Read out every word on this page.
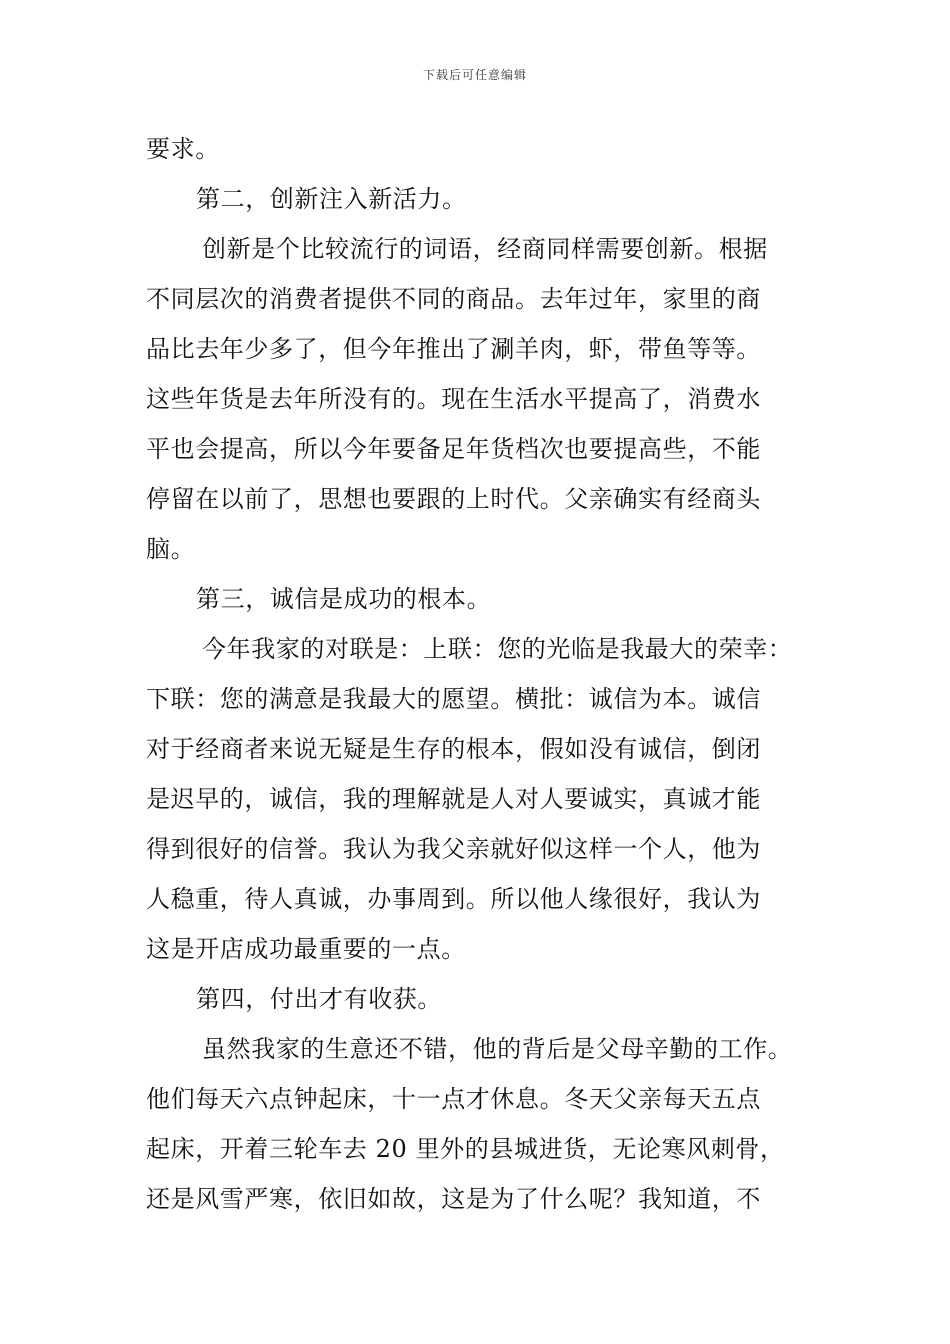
下载后可任意编辑
要求。
第二，创新注入新活力。
创新是个比较流行的词语，经商同样需要创新。根据
不同层次的消费者提供不同的商品。去年过年，家里的商
品比去年少多了，但今年推出了涮羊肉，虾，带鱼等等。
这些年货是去年所没有的。现在生活水平提高了，消费水
平也会提高，所以今年要备足年货档次也要提高些，不能
停留在以前了，思想也要跟的上时代。父亲确实有经商头
脑。
第三，诚信是成功的根本。
今年我家的对联是：上联：您的光临是我最大的荣幸：
下联：您的满意是我最大的愿望。横批：诚信为本。诚信
对于经商者来说无疑是生存的根本，假如没有诚信，倒闭
是迟早的，诚信，我的理解就是人对人要诚实，真诚才能
得到很好的信誉。我认为我父亲就好似这样一个人，他为
人稳重，待人真诚，办事周到。所以他人缘很好，我认为
这是开店成功最重要的一点。
第四，付出才有收获。
虽然我家的生意还不错，他的背后是父母辛勤的工作。
他们每天六点钟起床，十一点才休息。冬天父亲每天五点
起床，开着三轮车去 20 里外的县城进货，无论寒风刺骨，
还是风雪严寒，依旧如故，这是为了什么呢？我知道，不
